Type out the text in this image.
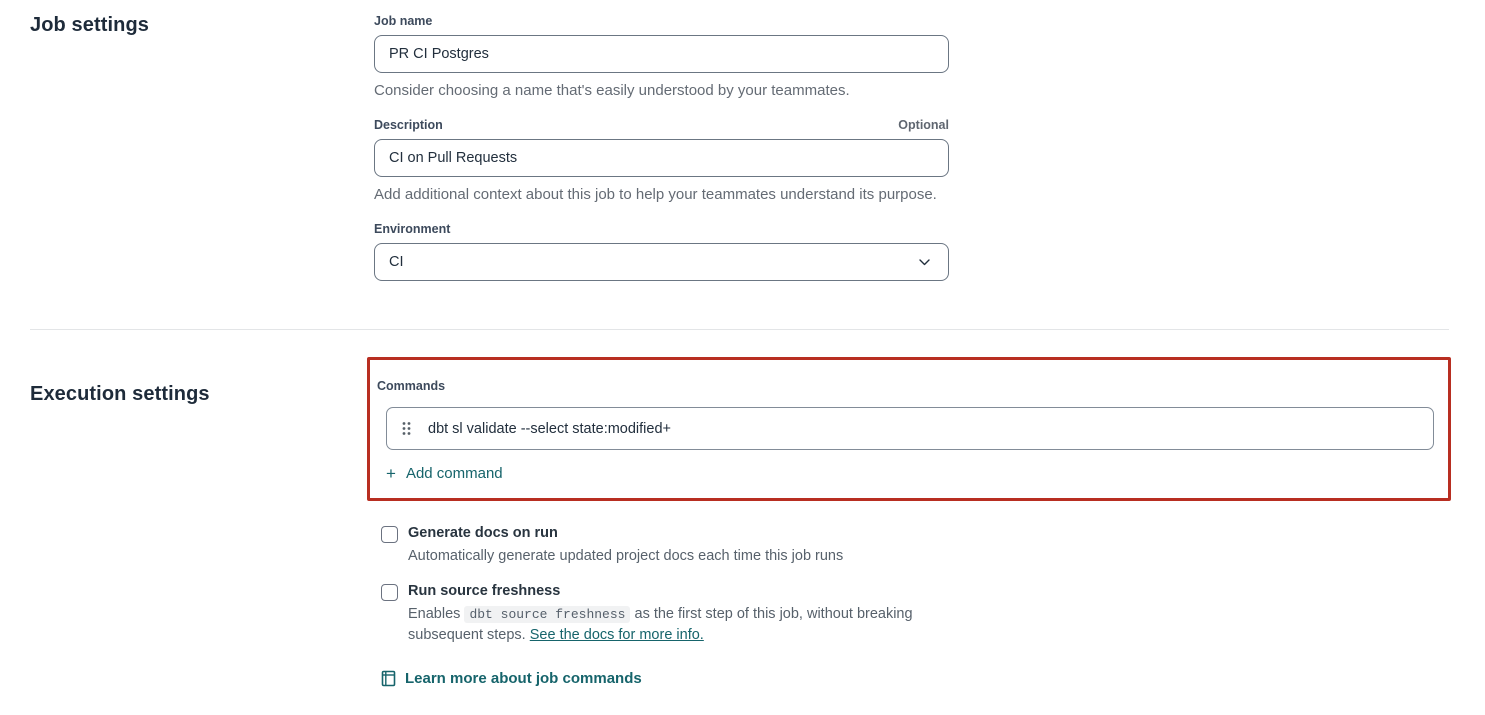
Job settings	Job name
PR CI Postgres

Consider choosing a name that's easily understood by your teammates.

Description	Optional
CI on Pull Requests

Add additional context about this job to help your teammates understand its purpose.

Environment
CI
Execution settings	Commands
dbt sl validate --select state:modified+
+ Add command
Generate docs on run

Automatically generate updated project docs each time this job runs

Run source freshness

Enables dbt source freshness as the first step of this job, without breaking subsequent steps. See the docs for more info.

Learn more about job commands
